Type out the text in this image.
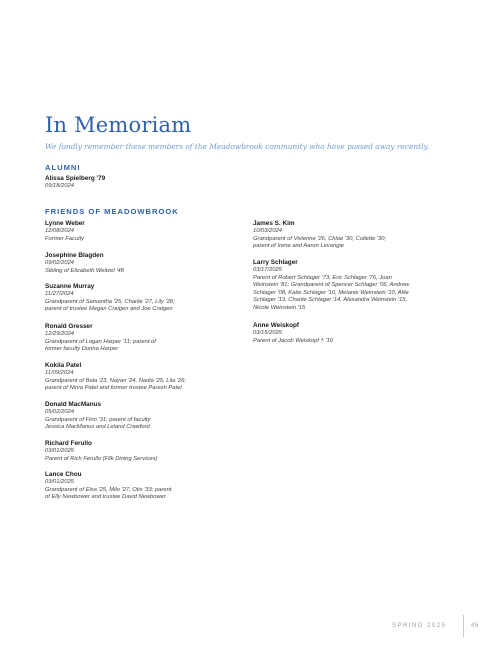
In Memoriam

We fondly remember these members of the Meadowbrook community who have passed away recently.

ALUMNI
Alissa Spielberg '79
09/18/2024
FRIENDS OF MEADOWBROOK
Lynne Weber
12/08/2024
Former Faculty
Josephine Blagden
09/02/2024
Sibling of Elizabeth Weitzel '48
Suzanne Murray
11/27/2024
Grandparent of Samantha '25, Charlie '27, Lily '28;
parent of trustee Megan Craigen and Joe Craigen
Ronald Gresser
12/29/2024
Grandparent of Logan Harper '11; parent of
former faculty Donna Harper
Kokila Patel
11/09/2024
Grandparent of Bala '23, Nayan '24, Nadia '25, Lila '26;
parent of Nirva Patel and former trustee Paresh Patel
Donald MacManus
05/02/2024
Grandparent of Finn '31; parent of faculty
Jessica MacManus and Leland Crawford
Richard Ferullo
03/01/2025
Parent of Rich Ferullo (Flik Dining Services)
Lance Chou
03/01/2025
Grandparent of Elsa '25, Milo '27, Otis '33; parent
of Elly Newbower and trustee David Newbower
James S. Kim
10/03/2024
Grandparent of Vivienne '26, Chloe '30, Collette '30;
parent of Irene and Aaron Levangie
Larry Schlager
03/17/2025
Parent of Robert Schlager '73, Eric Schlager '76, Joan
Weinstein '81; Grandparent of Spencer Schlager '06, Andrew
Schlager '08, Katie Schlager '10, Melanie Weinstein '10, Allie
Schlager '13, Charlie Schlager '14, Alexandra Weinstein '15,
Nicole Weinstein '15
Anne Weiskopf
03/15/2025
Parent of Jacob Weiskopf † '10
SPRING 2025	45
